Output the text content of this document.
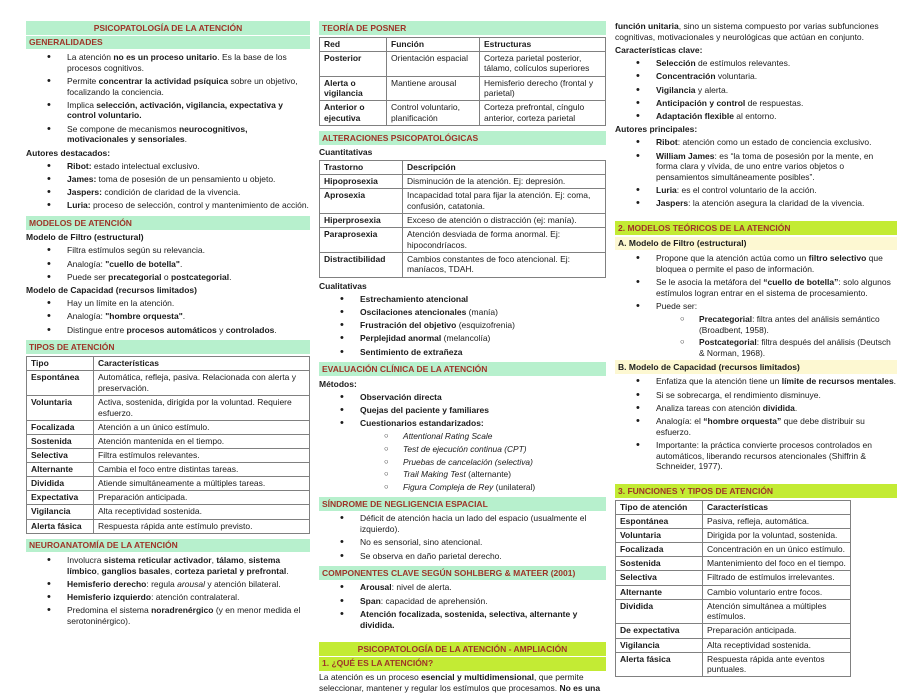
PSICOPATOLOGÍA DE LA ATENCIÓN
GENERALIDADES
• La atención no es un proceso unitario. Es la base de los procesos cognitivos.
• Permite concentrar la actividad psíquica sobre un objetivo, focalizando la conciencia.
• Implica selección, activación, vigilancia, expectativa y control voluntario.
• Se compone de mecanismos neurocognitivos, motivacionales y sensoriales.
Autores destacados:
• Ribot: estado intelectual exclusivo.
• James: toma de posesión de un pensamiento u objeto.
• Jaspers: condición de claridad de la vivencia.
• Luria: proceso de selección, control y mantenimiento de acción.
MODELOS DE ATENCIÓN
Modelo de Filtro (estructural)
• Filtra estímulos según su relevancia.
• Analogía: "cuello de botella".
• Puede ser precategorial o postcategorial.
Modelo de Capacidad (recursos limitados)
• Hay un límite en la atención.
• Analogía: "hombre orquesta".
• Distingue entre procesos automáticos y controlados.
TIPOS DE ATENCIÓN
Tipo	Características
Espontánea	Automática, refleja, pasiva. Relacionada con alerta y preservación.
Voluntaria	Activa, sostenida, dirigida por la voluntad. Requiere esfuerzo.
Focalizada	Atención a un único estímulo.
Sostenida	Atención mantenida en el tiempo.
Selectiva	Filtra estímulos relevantes.
Alternante	Cambia el foco entre distintas tareas.
Dividida	Atiende simultáneamente a múltiples tareas.
Expectativa	Preparación anticipada.
Vigilancia	Alta receptividad sostenida.
Alerta fásica	Respuesta rápida ante estímulo previsto.
NEUROANATOMÍA DE LA ATENCIÓN
• Involucra sistema reticular activador, tálamo, sistema límbico, ganglios basales, corteza parietal y prefrontal.
• Hemisferio derecho: regula arousal y atención bilateral.
• Hemisferio izquierdo: atención contralateral.
• Predomina el sistema noradrenérgico (y en menor medida el serotoninérgico).
TEORÍA DE POSNER
Red	Función	Estructuras
Posterior	Orientación espacial	Corteza parietal posterior, tálamo, colículos superiores
Alerta o vigilancia	Mantiene arousal	Hemisferio derecho (frontal y parietal)
Anterior o ejecutiva	Control voluntario, planificación	Corteza prefrontal, cíngulo anterior, corteza parietal
ALTERACIONES PSICOPATOLÓGICAS
Cuantitativas
Trastorno	Descripción
Hipoprosexia	Disminución de la atención. Ej: depresión.
Aprosexia	Incapacidad total para fijar la atención. Ej: coma, confusión, catatonia.
Hiperprosexia	Exceso de atención o distracción (ej: manía).
Paraprosexia	Atención desviada de forma anormal. Ej: hipocondríacos.
Distractibilidad	Cambios constantes de foco atencional. Ej: maníacos, TDAH.
Cualitativas
• Estrechamiento atencional
• Oscilaciones atencionales (manía)
• Frustración del objetivo (esquizofrenia)
• Perplejidad anormal (melancolía)
• Sentimiento de extrañeza
EVALUACIÓN CLÍNICA DE LA ATENCIÓN
Métodos:
• Observación directa
• Quejas del paciente y familiares
• Cuestionarios estandarizados:
○ Attentional Rating Scale
○ Test de ejecución continua (CPT)
○ Pruebas de cancelación (selectiva)
○ Trail Making Test (alternante)
○ Figura Compleja de Rey (unilateral)
SÍNDROME DE NEGLIGENCIA ESPACIAL
• Déficit de atención hacia un lado del espacio (usualmente el izquierdo).
• No es sensorial, sino atencional.
• Se observa en daño parietal derecho.
COMPONENTES CLAVE SEGÚN SOHLBERG & MATEER (2001)
• Arousal: nivel de alerta.
• Span: capacidad de aprehensión.
• Atención focalizada, sostenida, selectiva, alternante y dividida.
PSICOPATOLOGÍA DE LA ATENCIÓN - AMPLIACIÓN
1. ¿QUÉ ES LA ATENCIÓN?
La atención es un proceso esencial y multidimensional, que permite seleccionar, mantener y regular los estímulos que procesamos. No es una
función unitaria, sino un sistema compuesto por varias subfunciones cognitivas, motivacionales y neurológicas que actúan en conjunto.
Características clave:
• Selección de estímulos relevantes.
• Concentración voluntaria.
• Vigilancia y alerta.
• Anticipación y control de respuestas.
• Adaptación flexible al entorno.
Autores principales:
• Ribot: atención como un estado de conciencia exclusivo.
• William James: es “la toma de posesión por la mente, en forma clara y vívida, de uno entre varios objetos o pensamientos simultáneamente posibles”.
• Luria: es el control voluntario de la acción.
• Jaspers: la atención asegura la claridad de la vivencia.
2. MODELOS TEÓRICOS DE LA ATENCIÓN
A. Modelo de Filtro (estructural)
• Propone que la atención actúa como un filtro selectivo que bloquea o permite el paso de información.
• Se le asocia la metáfora del “cuello de botella”: solo algunos estímulos logran entrar en el sistema de procesamiento.
• Puede ser:
○ Precategorial: filtra antes del análisis semántico (Broadbent, 1958).
○ Postcategorial: filtra después del análisis (Deutsch & Norman, 1968).
B. Modelo de Capacidad (recursos limitados)
• Enfatiza que la atención tiene un límite de recursos mentales.
• Si se sobrecarga, el rendimiento disminuye.
• Analiza tareas con atención dividida.
• Analogía: el “hombre orquesta” que debe distribuir su esfuerzo.
• Importante: la práctica convierte procesos controlados en automáticos, liberando recursos atencionales (Shiffrin & Schneider, 1977).
3. FUNCIONES Y TIPOS DE ATENCIÓN
Tipo de atención	Características
Espontánea	Pasiva, refleja, automática.
Voluntaria	Dirigida por la voluntad, sostenida.
Focalizada	Concentración en un único estímulo.
Sostenida	Mantenimiento del foco en el tiempo.
Selectiva	Filtrado de estímulos irrelevantes.
Alternante	Cambio voluntario entre focos.
Dividida	Atención simultánea a múltiples estímulos.
De expectativa	Preparación anticipada.
Vigilancia	Alta receptividad sostenida.
Alerta fásica	Respuesta rápida ante eventos puntuales.
